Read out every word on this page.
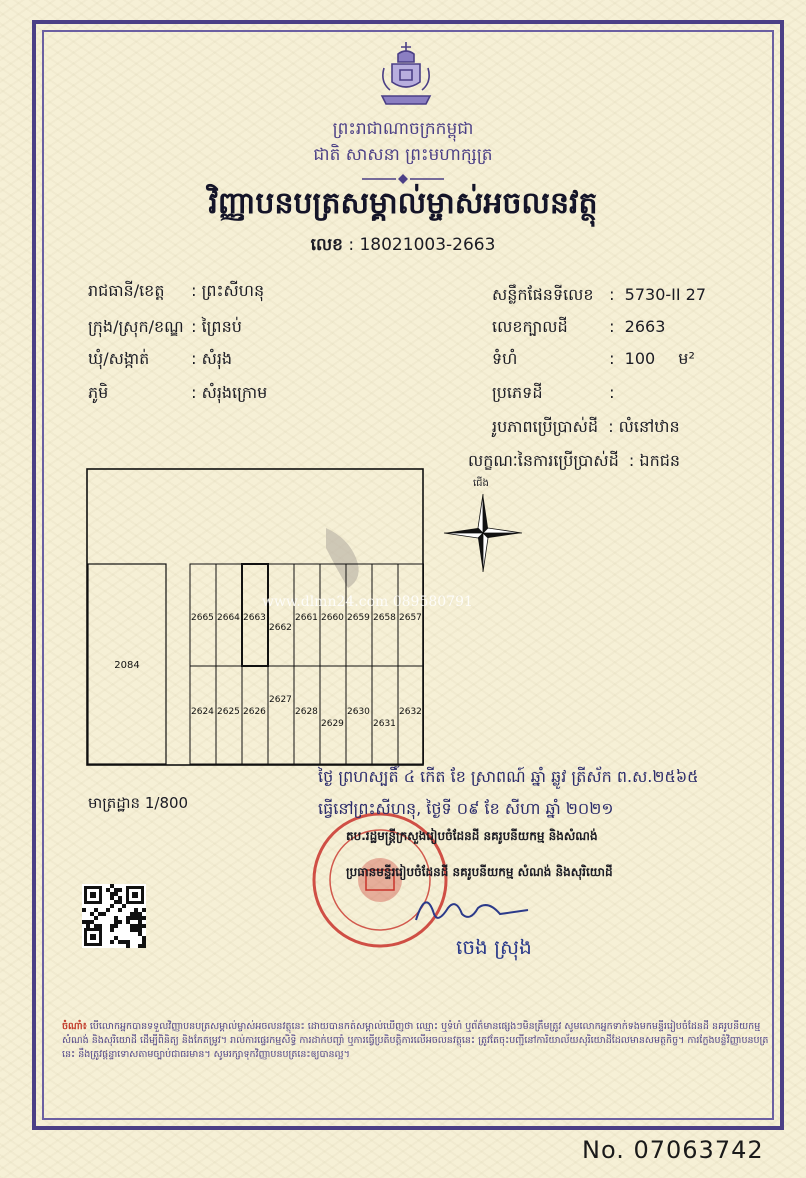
ព្រះរាជាណាចក្រកម្ពុជា
ជាតិ សាសនា ព្រះមហាក្សត្រ
វិញ្ញាបនបត្រសម្គាល់ម្ចាស់អចលនវត្ថុ
លេខ : 18021003-2663
រាជធានី/ខេត្ត : ព្រះសីហនុ
ក្រុង/ស្រុក/ខណ្ឌ : ព្រៃនប់
ឃុំ/សង្កាត់	: សំរុង
ភូមិ	: សំរុងក្រោម
សន្លឹកផែនទីលេខ :  5730-II 27
លេខក្បាលដី	:  2663
ទំហំ	:  100 ម²
ប្រភេទដី	:
រូបភាពប្រើប្រាស់ដី  : លំនៅឋាន
លក្ខណៈនៃការប្រើប្រាស់ដី  : ឯកជន
2084
2665 2664 2663
2662
2661 2660 2659 2658 2657
2624 2625 2626
2627
2628
2629
2630
2631
2632
ជើង
www.dlmn24.com 089580791
មាត្រដ្ឋាន 1/800
ថ្ងៃ ព្រហស្បតិ៍ ៤ កើត ខែ ស្រាពណ៍ ឆ្នាំ ឆ្លូវ ត្រីស័ក ព.ស.២៥៦៥
ធ្វើនៅព្រះសីហនុ, ថ្ងៃទី ០៩ ខែ សីហា ឆ្នាំ ២០២១
តប.រដ្ឋមន្ត្រីក្រសួងរៀបចំដែនដី នគរូបនីយកម្ម និងសំណង់
ប្រធានមន្ទីររៀបចំដែនដី នគរូបនីយកម្ម សំណង់ និងសុរិយោដី
ចេង ស្រុង
ចំណាំ៖ បើលោកអ្នកបានទទួលវិញ្ញាបនបត្រសម្គាល់ម្ចាស់អចលនវត្ថុនេះ ដោយបានកត់សម្គាល់ឃើញថា ឈ្មោះ ឬទំហំ ឬព័ត៌មានផ្សេងៗមិនត្រឹមត្រូវ សូមលោកអ្នកទាក់ទងមកមន្ទីររៀបចំដែនដី នគរូបនីយកម្ម សំណង់ និងសុរិយោដី ដើម្បីពិនិត្យ និងកែតម្រូវ។ រាល់ការផ្ទេរកម្មសិទ្ធិ ការដាក់បញ្ចាំ ឬការធ្វើប្រតិបត្តិការលើអចលនវត្ថុនេះ ត្រូវតែចុះបញ្ជីនៅការិយាល័យសុរិយោដីដែលមានសមត្ថកិច្ច។ ការក្លែងបន្លំវិញ្ញាបនបត្រនេះ នឹងត្រូវផ្តន្ទាទោសតាមច្បាប់ជាធរមាន។ សូមរក្សាទុកវិញ្ញាបនបត្រនេះឲ្យបានល្អ។
No. 07063742
